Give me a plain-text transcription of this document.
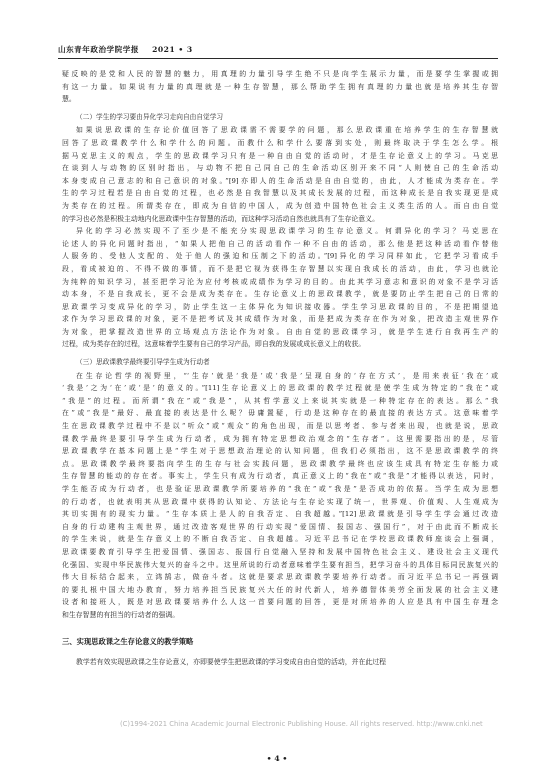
山东青年政治学院学报 2021 • 3
疑反映的是党和人民的智慧的魅力，用真理的力量引导学生绝不只是向学生展示力量，而是要学生掌握或拥
有这一力量。如果说有力量的真理就是一种生存智慧，那么帮助学生拥有真理的力量也就是培养其生存智
慧。
（二）学生的学习要由异化学习走向自由自觉学习
如果说思政课的生存论价值回答了思政课需不需要学的问题，那么思政课重在培养学生的生存智慧就
回答了思政课教学什么和学什么的问题。而教什么和学什么要落到实处，则最终取决于学生怎么学。根
据马克思主义的观点，学生的思政课学习只有是一种自由自觉的活动时，才是生存论意义上的学习。马克思
在谈到人与动物的区别时指出，与动物不把自己同自己的生命活动区别开来不同“人则使自己的生命活动
本身变成自己意志的和自己意识的对象。”[9]亦即人的生命活动是自由自觉的，由此，人才能成为类存在。学
生的学习过程若是自由自觉的过程，也必然是自我智慧以及其成长发展的过程，而这种成长是自我实现更是成
为类存在的过程。所谓类存在，即成为自信的中国人，成为创造中国特色社会主义类生活的人。而自由自觉
的学习也必然是积极主动地内化思政课中生存智慧的活动，而这种学习活动自然也就具有了生存论意义。
异化的学习必然实现不了至少是不能充分实现思政课学习的生存论意义。何谓异化的学习？马克思在
论述人的异化问题时指出，“如果人把他自己的活动看作一种不自由的活动，那么他是把这种活动看作替他
人服务的、受他人支配的、处于他人的强迫和压制之下的活动。”[9]异化的学习同样如此，它把学习看成手
段，看成被迫的、不得不做的事情，而不是把它视为获得生存智慧以实现自我成长的活动，由此，学习也就沦
为纯粹的知识学习，甚至把学习沦为应付考核或成绩作为学习的目的。由此其学习意志和意识的对象不是学习活
动本身，不是自我成长，更不会是成为类存在。生存论意义上的思政课教学，就是要防止学生把自己的日常的
思政课学习变成异化的学习，防止学生这一主体异化为知识接收器。学生学习思政课的目的，不是把期望追
求作为学习思政课的对象，更不是把考试及其成绩作为对象，而是把成为类存在作为对象，把改造主观世界作
为对象，把掌握改造世界的立场观点方法论作为对象。自由自觉的思政课学习，就是学生进行自我再生产的
过程，成为类存在的过程，这意味着学生要有自己的学习产品，即自我的发展或成长意义上的收获。
（三）思政课教学最终要引导学生成为行动者
在生存论哲学的视野里，“‘生存’就是‘我是’或‘我是’呈现自身的‘存在方式’，是用来表征‘我在’或
‘我是’之为‘在’或‘是’的意义的。”[11]生存论意义上的思政课的教学过程就是使学生成为特定的“我在”或
“我是”的过程。而所谓“我在”或“我是”，从其哲学意义上来说其实就是一种特定存在的表达。那么“我
在”或“我是”最好、最直接的表达是什么呢？毋庸置疑，行动是这种存在的最直接的表达方式。这意味着学
生在思政课教学过程中不是以“听众”或“观众”的角色出现，而是以思考者、参与者来出现，也就是说，思政
课教学最终是要引导学生成为行动者，成为拥有特定思想政治观念的“生存者”。这里需要指出的是，尽管
思政课教学在基本问题上是“学生对于思想政治理论的认知问题，但我们必须指出，这不是思政课教学的终
点。思政课教学最终要指向学生的生存与社会实践问题，思政课教学最终也应该生成具有特定生存能力或
生存智慧的能动的存在者。事实上，学生只有成为行动者，真正意义上的“我在”或“我是”才能得以表达，同时，
学生能否成为行动者，也是验证思政课教学所要培养的“我在”或“我是”是否成功的依据。当学生成为思想
的行动者，也就表明其从思政课中获得的认知论、方法论与生存论实现了统一，世界观、价值观、人生观成为
其切实拥有的现实力量。“生存本质上是人的自我否定、自我超越。”[12]思政课就是引导学生学会通过改造
自身的行动建构主观世界，通过改造客观世界的行动实现“爱国情、报国志、强国行”，对于由此而不断成长
的学生来说，就是生存意义上的不断自我否定、自我超越。习近平总书记在学校思政课教师座谈会上强调，
思政课要教育引导学生把爱国情、强国志、报国行自觉融入坚持和发展中国特色社会主义、建设社会主义现代
化强国、实现中华民族伟大复兴的奋斗之中。这里所说的行动者意味着学生要有担当，把学习奋斗的具体目标同民族复兴的
伟大目标结合起来，立鸿鹄志，做奋斗者。这就是要求思政课教学要培养行动者。而习近平总书记一再强调
的要扎根中国大地办教育，努力培养担当民族复兴大任的时代新人，培养德智体美劳全面发展的社会主义建
设者和接班人，既是对思政课要培养什么人这一首要问题的回答，更是对所培养的人应是具有中国生存理念
和生存智慧的有担当的行动者的强调。
三、实现思政课之生存论意义的教学策略
教学若有效实现思政课之生存论意义，亦即要使学生把思政课的学习变成自由自觉的活动，并在此过程
(C)1994-2021 China Academic Journal Electronic Publishing House. All rights reserved. http://www.cnki.net
• 4 •
